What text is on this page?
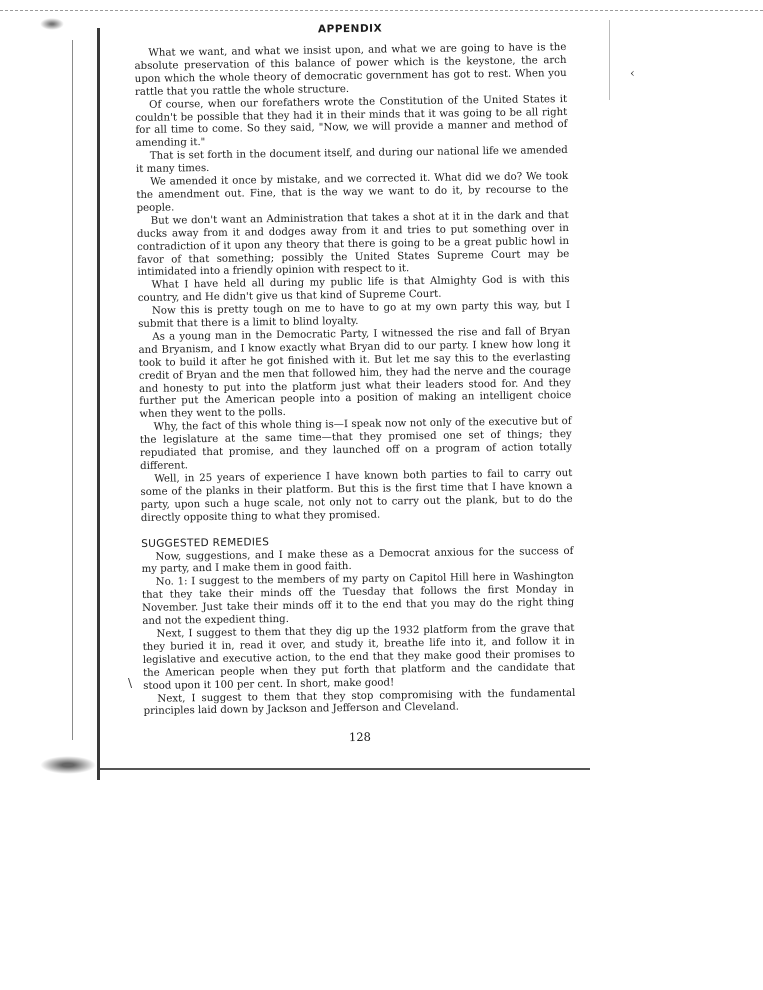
‹
\
APPENDIX

What we want, and what we insist upon, and what we are going to have is the absolute preservation of this balance of power which is the keystone, the arch upon which the whole theory of democratic government has got to rest. When you rattle that you rattle the whole structure.

Of course, when our forefathers wrote the Constitution of the United States it couldn't be possible that they had it in their minds that it was going to be all right for all time to come. So they said, "Now, we will provide a manner and method of amending it."

That is set forth in the document itself, and during our national life we amended it many times.

We amended it once by mistake, and we corrected it. What did we do? We took the amendment out. Fine, that is the way we want to do it, by recourse to the people.

But we don't want an Administration that takes a shot at it in the dark and that ducks away from it and dodges away from it and tries to put something over in contradiction of it upon any theory that there is going to be a great public howl in favor of that something; possibly the United States Supreme Court may be intimidated into a friendly opinion with respect to it.

What I have held all during my public life is that Almighty God is with this country, and He didn't give us that kind of Supreme Court.

Now this is pretty tough on me to have to go at my own party this way, but I submit that there is a limit to blind loyalty.

As a young man in the Democratic Party, I witnessed the rise and fall of Bryan and Bryanism, and I know exactly what Bryan did to our party. I knew how long it took to build it after he got finished with it. But let me say this to the everlasting credit of Bryan and the men that followed him, they had the nerve and the courage and honesty to put into the platform just what their leaders stood for. And they further put the American people into a position of making an intelligent choice when they went to the polls.

Why, the fact of this whole thing is—I speak now not only of the executive but of the legislature at the same time—that they promised one set of things; they repudiated that promise, and they launched off on a program of action totally different.

Well, in 25 years of experience I have known both parties to fail to carry out some of the planks in their platform. But this is the first time that I have known a party, upon such a huge scale, not only not to carry out the plank, but to do the directly opposite thing to what they promised.

SUGGESTED REMEDIES

Now, suggestions, and I make these as a Democrat anxious for the success of my party, and I make them in good faith.

No. 1: I suggest to the members of my party on Capitol Hill here in Washington that they take their minds off the Tuesday that follows the first Monday in November. Just take their minds off it to the end that you may do the right thing and not the expedient thing.

Next, I suggest to them that they dig up the 1932 platform from the grave that they buried it in, read it over, and study it, breathe life into it, and follow it in legislative and executive action, to the end that they make good their promises to the American people when they put forth that platform and the candidate that stood upon it 100 per cent. In short, make good!

Next, I suggest to them that they stop compromising with the fundamental principles laid down by Jackson and Jefferson and Cleveland.

128
